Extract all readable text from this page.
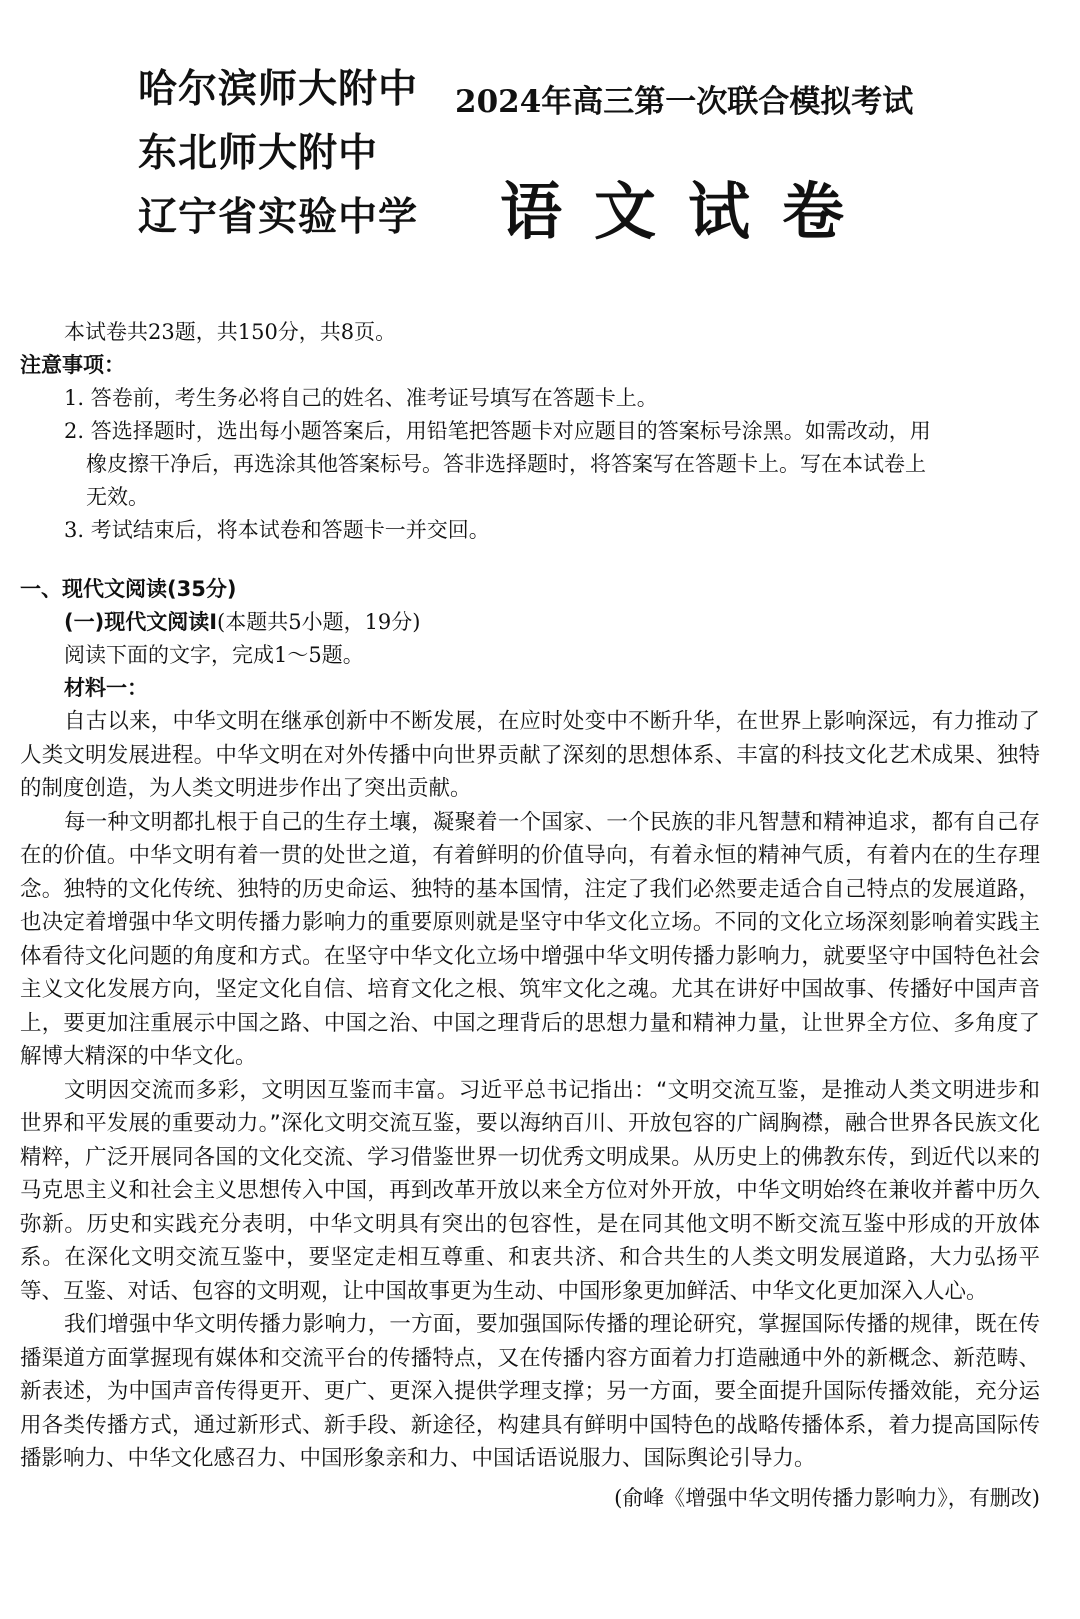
哈尔滨师大附中
东北师大附中
辽宁省实验中学
2024年高三第一次联合模拟考试
语文试卷
本试卷共23题，共150分，共8页。
注意事项：
1. 答卷前，考生务必将自己的姓名、准考证号填写在答题卡上。
2. 答选择题时，选出每小题答案后，用铅笔把答题卡对应题目的答案标号涂黑。如需改动，用
橡皮擦干净后，再选涂其他答案标号。答非选择题时，将答案写在答题卡上。写在本试卷上
无效。
3. 考试结束后，将本试卷和答题卡一并交回。
一、现代文阅读(35分)
(一)现代文阅读Ⅰ(本题共5小题，19分)
阅读下面的文字，完成1～5题。
材料一：

自古以来，中华文明在继承创新中不断发展，在应时处变中不断升华，在世界上影响深远，有力推动了人类文明发展进程。中华文明在对外传播中向世界贡献了深刻的思想体系、丰富的科技文化艺术成果、独特的制度创造，为人类文明进步作出了突出贡献。

每一种文明都扎根于自己的生存土壤，凝聚着一个国家、一个民族的非凡智慧和精神追求，都有自己存在的价值。中华文明有着一贯的处世之道，有着鲜明的价值导向，有着永恒的精神气质，有着内在的生存理念。独特的文化传统、独特的历史命运、独特的基本国情，注定了我们必然要走适合自己特点的发展道路，也决定着增强中华文明传播力影响力的重要原则就是坚守中华文化立场。不同的文化立场深刻影响着实践主体看待文化问题的角度和方式。在坚守中华文化立场中增强中华文明传播力影响力，就要坚守中国特色社会主义文化发展方向，坚定文化自信、培育文化之根、筑牢文化之魂。尤其在讲好中国故事、传播好中国声音上，要更加注重展示中国之路、中国之治、中国之理背后的思想力量和精神力量，让世界全方位、多角度了解博大精深的中华文化。

文明因交流而多彩，文明因互鉴而丰富。习近平总书记指出：“文明交流互鉴，是推动人类文明进步和世界和平发展的重要动力。”深化文明交流互鉴，要以海纳百川、开放包容的广阔胸襟，融合世界各民族文化精粹，广泛开展同各国的文化交流、学习借鉴世界一切优秀文明成果。从历史上的佛教东传，到近代以来的马克思主义和社会主义思想传入中国，再到改革开放以来全方位对外开放，中华文明始终在兼收并蓄中历久弥新。历史和实践充分表明，中华文明具有突出的包容性，是在同其他文明不断交流互鉴中形成的开放体系。在深化文明交流互鉴中，要坚定走相互尊重、和衷共济、和合共生的人类文明发展道路，大力弘扬平等、互鉴、对话、包容的文明观，让中国故事更为生动、中国形象更加鲜活、中华文化更加深入人心。

我们增强中华文明传播力影响力，一方面，要加强国际传播的理论研究，掌握国际传播的规律，既在传播渠道方面掌握现有媒体和交流平台的传播特点，又在传播内容方面着力打造融通中外的新概念、新范畴、新表述，为中国声音传得更开、更广、更深入提供学理支撑；另一方面，要全面提升国际传播效能，充分运用各类传播方式，通过新形式、新手段、新途径，构建具有鲜明中国特色的战略传播体系，着力提高国际传播影响力、中华文化感召力、中国形象亲和力、中国话语说服力、国际舆论引导力。

(俞峰《增强中华文明传播力影响力》，有删改)
